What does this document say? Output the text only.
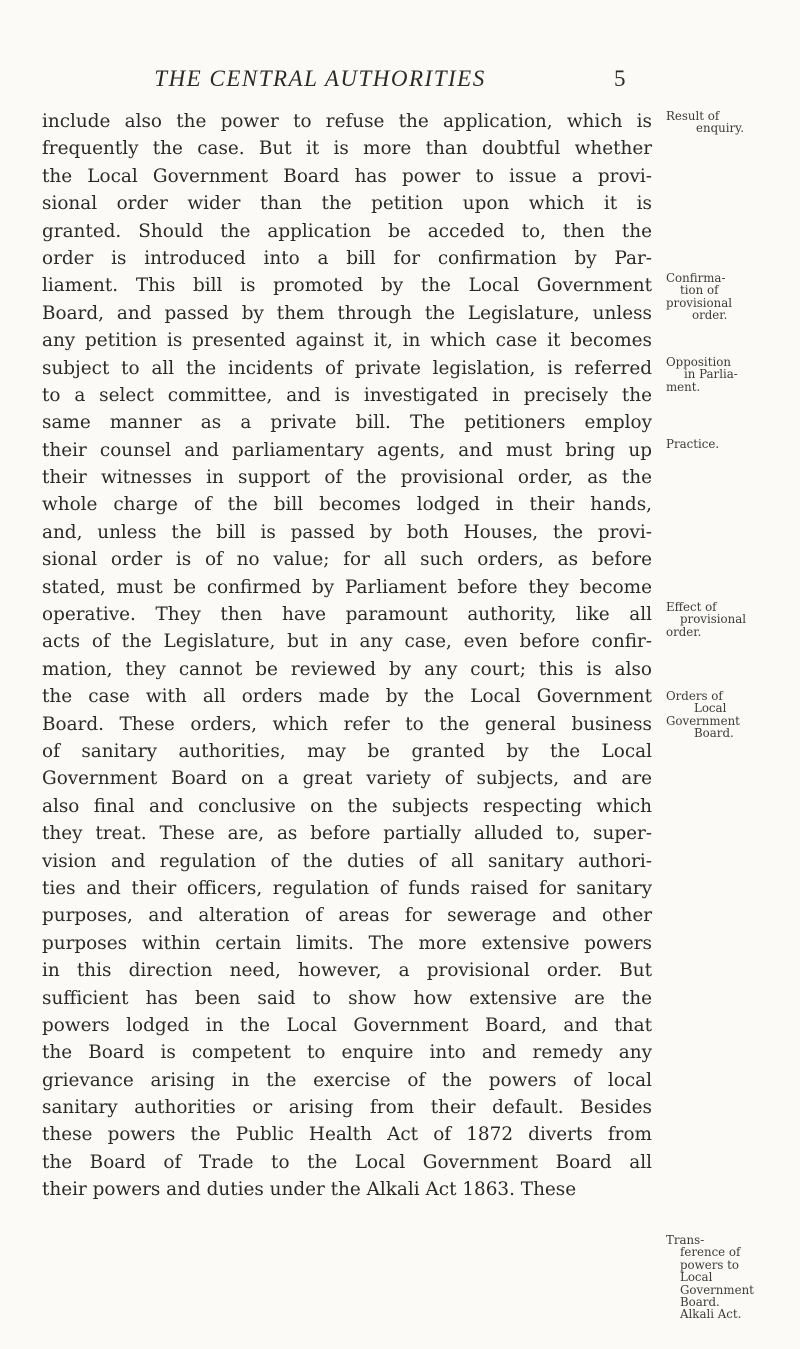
THE CENTRAL AUTHORITIES	5
include also the power to refuse the application, which is
frequently the case. But it is more than doubtful whether
the Local Government Board has power to issue a provi-
sional order wider than the petition upon which it is
granted. Should the application be acceded to, then the
order is introduced into a bill for confirmation by Par-
liament. This bill is promoted by the Local Government
Board, and passed by them through the Legislature, unless
any petition is presented against it, in which case it becomes
subject to all the incidents of private legislation, is referred
to a select committee, and is investigated in precisely the
same manner as a private bill. The petitioners employ
their counsel and parliamentary agents, and must bring up
their witnesses in support of the provisional order, as the
whole charge of the bill becomes lodged in their hands,
and, unless the bill is passed by both Houses, the provi-
sional order is of no value; for all such orders, as before
stated, must be confirmed by Parliament before they become
operative. They then have paramount authority, like all
acts of the Legislature, but in any case, even before confir-
mation, they cannot be reviewed by any court; this is also
the case with all orders made by the Local Government
Board. These orders, which refer to the general business
of sanitary authorities, may be granted by the Local
Government Board on a great variety of subjects, and are
also final and conclusive on the subjects respecting which
they treat. These are, as before partially alluded to, super-
vision and regulation of the duties of all sanitary authori-
ties and their officers, regulation of funds raised for sanitary
purposes, and alteration of areas for sewerage and other
purposes within certain limits. The more extensive powers
in this direction need, however, a provisional order. But
sufficient has been said to show how extensive are the
powers lodged in the Local Government Board, and that
the Board is competent to enquire into and remedy any
grievance arising in the exercise of the powers of local
sanitary authorities or arising from their default. Besides
these powers the Public Health Act of 1872 diverts from
the Board of Trade to the Local Government Board all
their powers and duties under the Alkali Act 1863. These
Result of
enquiry.
Confirma-
tion of
provisional
order.
Opposition
in Parlia-
ment.
Practice.
Effect of
provisional
order.
Orders of
Local
Government
Board.
Trans-
ference of
powers to
Local
Government
Board.
Alkali Act.
